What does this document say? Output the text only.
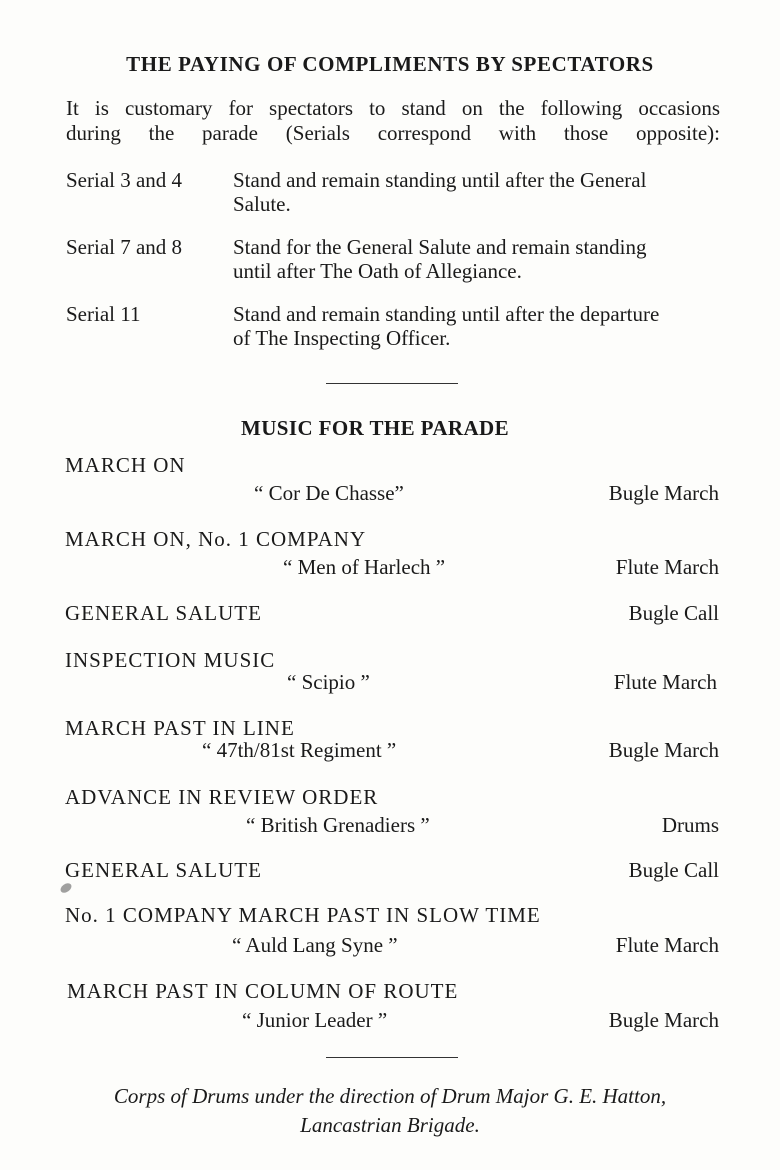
THE PAYING OF COMPLIMENTS BY SPECTATORS
It is customary for spectators to stand on the following occasions
during the parade (Serials correspond with those opposite):
Serial 3 and 4 Stand and remain standing until after the General
Salute.
Serial 7 and 8 Stand for the General Salute and remain standing
until after The Oath of Allegiance.
Serial 11	Stand and remain standing until after the departure
of The Inspecting Officer.
MUSIC FOR THE PARADE
MARCH ON
“ Cor De Chasse”	Bugle March
MARCH ON, No. 1 COMPANY
“ Men of Harlech ”	Flute March
GENERAL SALUTE	Bugle Call
INSPECTION MUSIC
“ Scipio ”	Flute March
MARCH PAST IN LINE
“ 47th/81st Regiment ”	Bugle March
ADVANCE IN REVIEW ORDER
“ British Grenadiers ”	Drums
GENERAL SALUTE	Bugle Call
No. 1 COMPANY MARCH PAST IN SLOW TIME
“ Auld Lang Syne ”	Flute March
MARCH PAST IN COLUMN OF ROUTE
“ Junior Leader ”	Bugle March
Corps of Drums under the direction of Drum Major G. E. Hatton,
Lancastrian Brigade.
